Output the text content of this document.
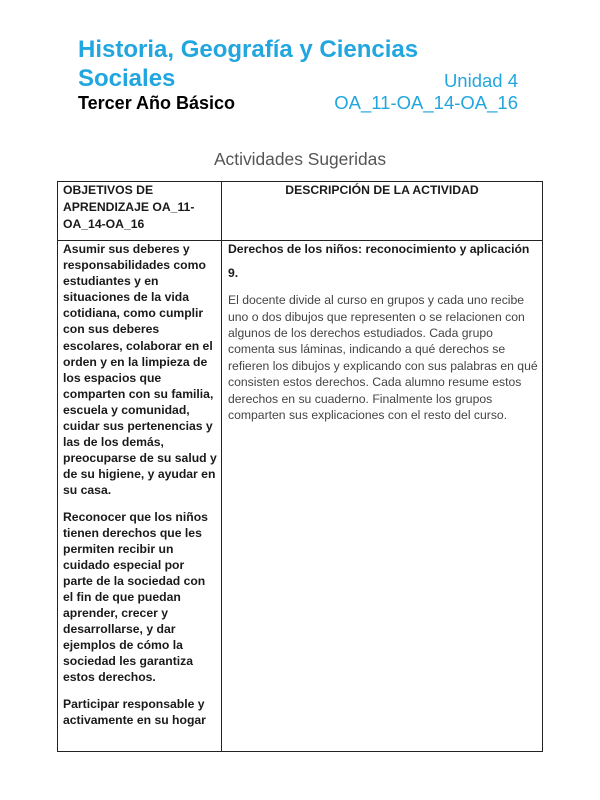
Historia, Geografía y Ciencias
Sociales	Unidad 4
Tercer Año Básico	OA_11-OA_14-OA_16
Actividades Sugeridas
OBJETIVOS DE
APRENDIZAJE OA_11-
OA_14-OA_16
DESCRIPCIÓN DE LA ACTIVIDAD
Asumir sus deberes y
responsabilidades como
estudiantes y en
situaciones de la vida
cotidiana, como cumplir
con sus deberes
escolares, colaborar en el
orden y en la limpieza de
los espacios que
comparten con su familia,
escuela y comunidad,
cuidar sus pertenencias y
las de los demás,
preocuparse de su salud y
de su higiene, y ayudar en
su casa.
Reconocer que los niños
tienen derechos que les
permiten recibir un
cuidado especial por
parte de la sociedad con
el fin de que puedan
aprender, crecer y
desarrollarse, y dar
ejemplos de cómo la
sociedad les garantiza
estos derechos.
Participar responsable y
activamente en su hogar
Derechos de los niños: reconocimiento y aplicación
9.
El docente divide al curso en grupos y cada uno recibe
uno o dos dibujos que representen o se relacionen con
algunos de los derechos estudiados. Cada grupo
comenta sus láminas, indicando a qué derechos se
refieren los dibujos y explicando con sus palabras en qué
consisten estos derechos. Cada alumno resume estos
derechos en su cuaderno. Finalmente los grupos
comparten sus explicaciones con el resto del curso.
